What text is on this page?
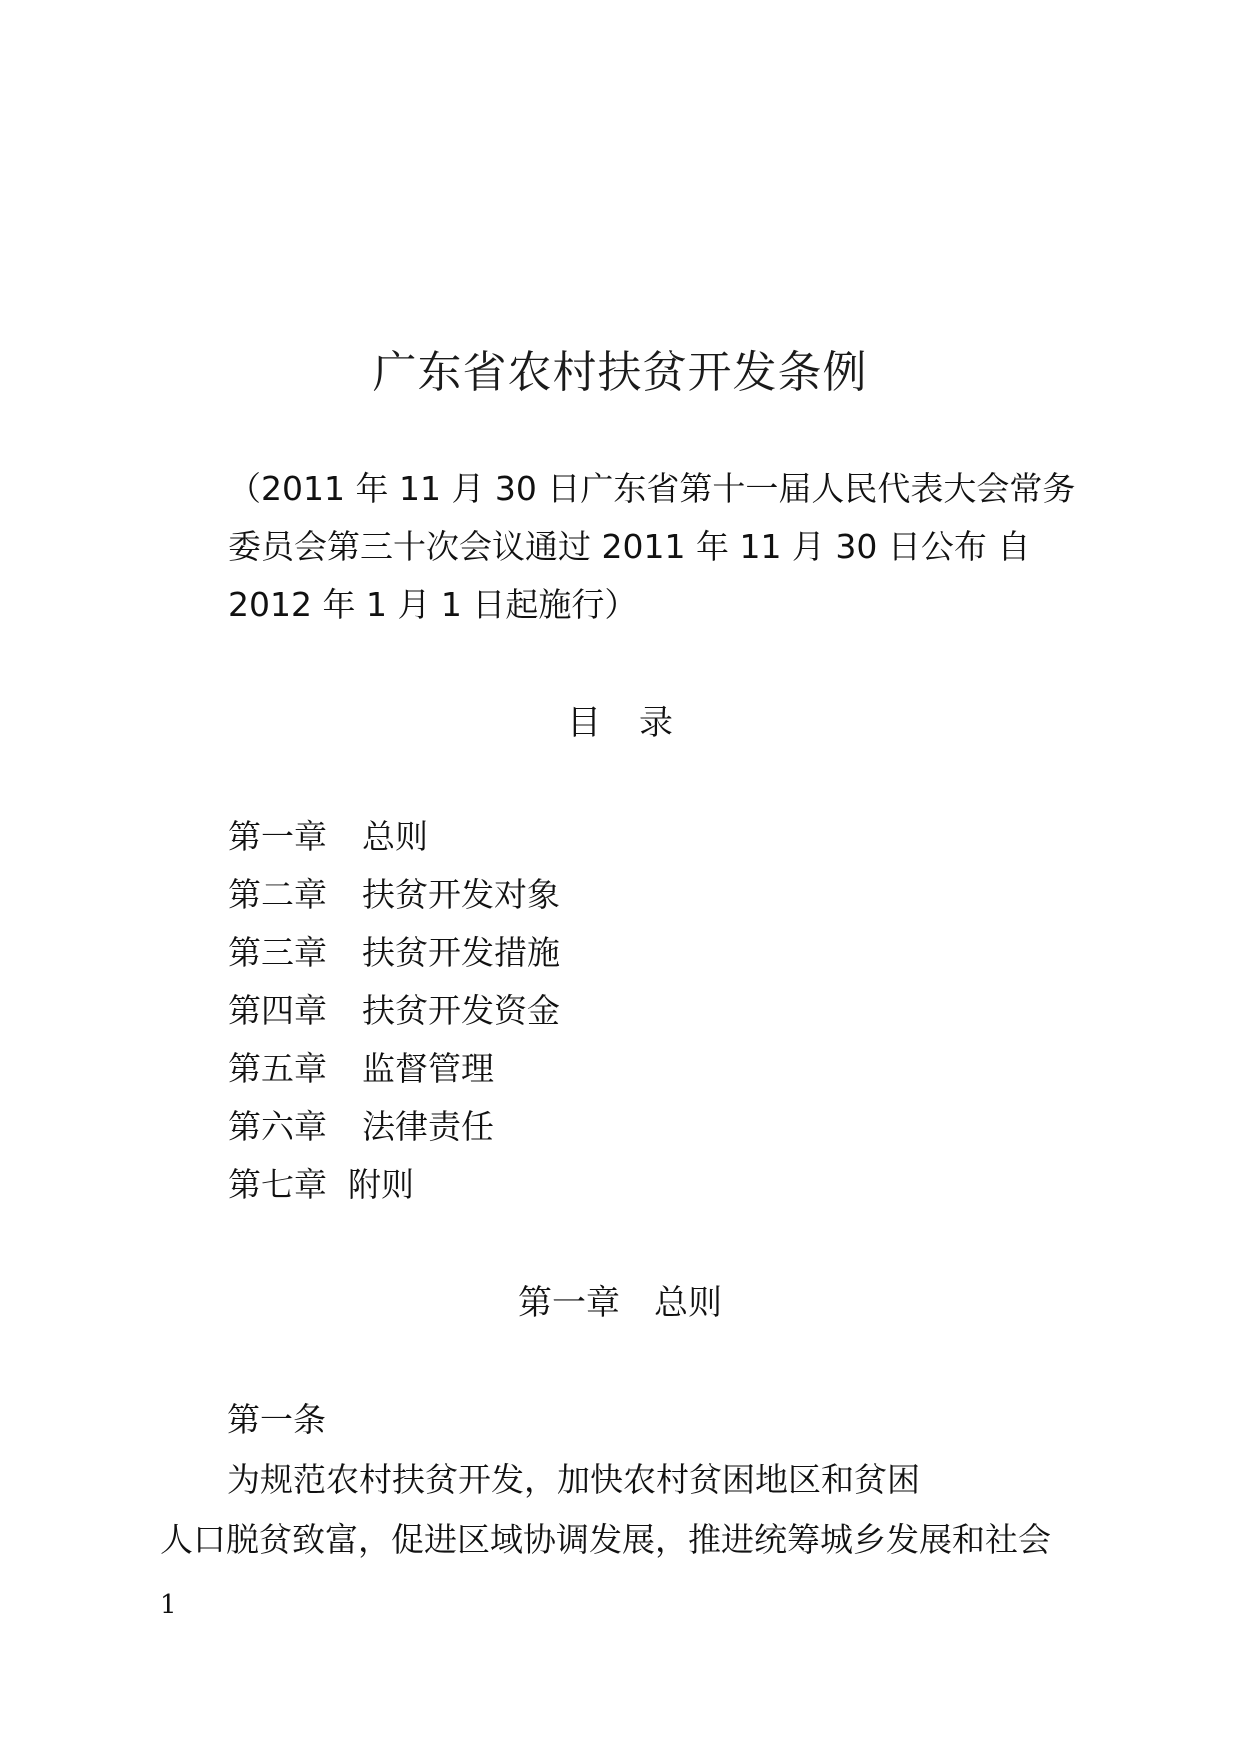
广东省农村扶贫开发条例
（2011 年 11 月 30 日广东省第十一届人民代表大会常务
委员会第三十次会议通过 2011 年 11 月 30 日公布 自
2012 年 1 月 1 日起施行）
目 录
第一章 总则
第二章 扶贫开发对象
第三章 扶贫开发措施
第四章 扶贫开发资金
第五章 监督管理
第六章 法律责任
第七章 附则
第一章 总则
第一条
为规范农村扶贫开发，加快农村贫困地区和贫困
人口脱贫致富，促进区域协调发展，推进统筹城乡发展和社会
1
